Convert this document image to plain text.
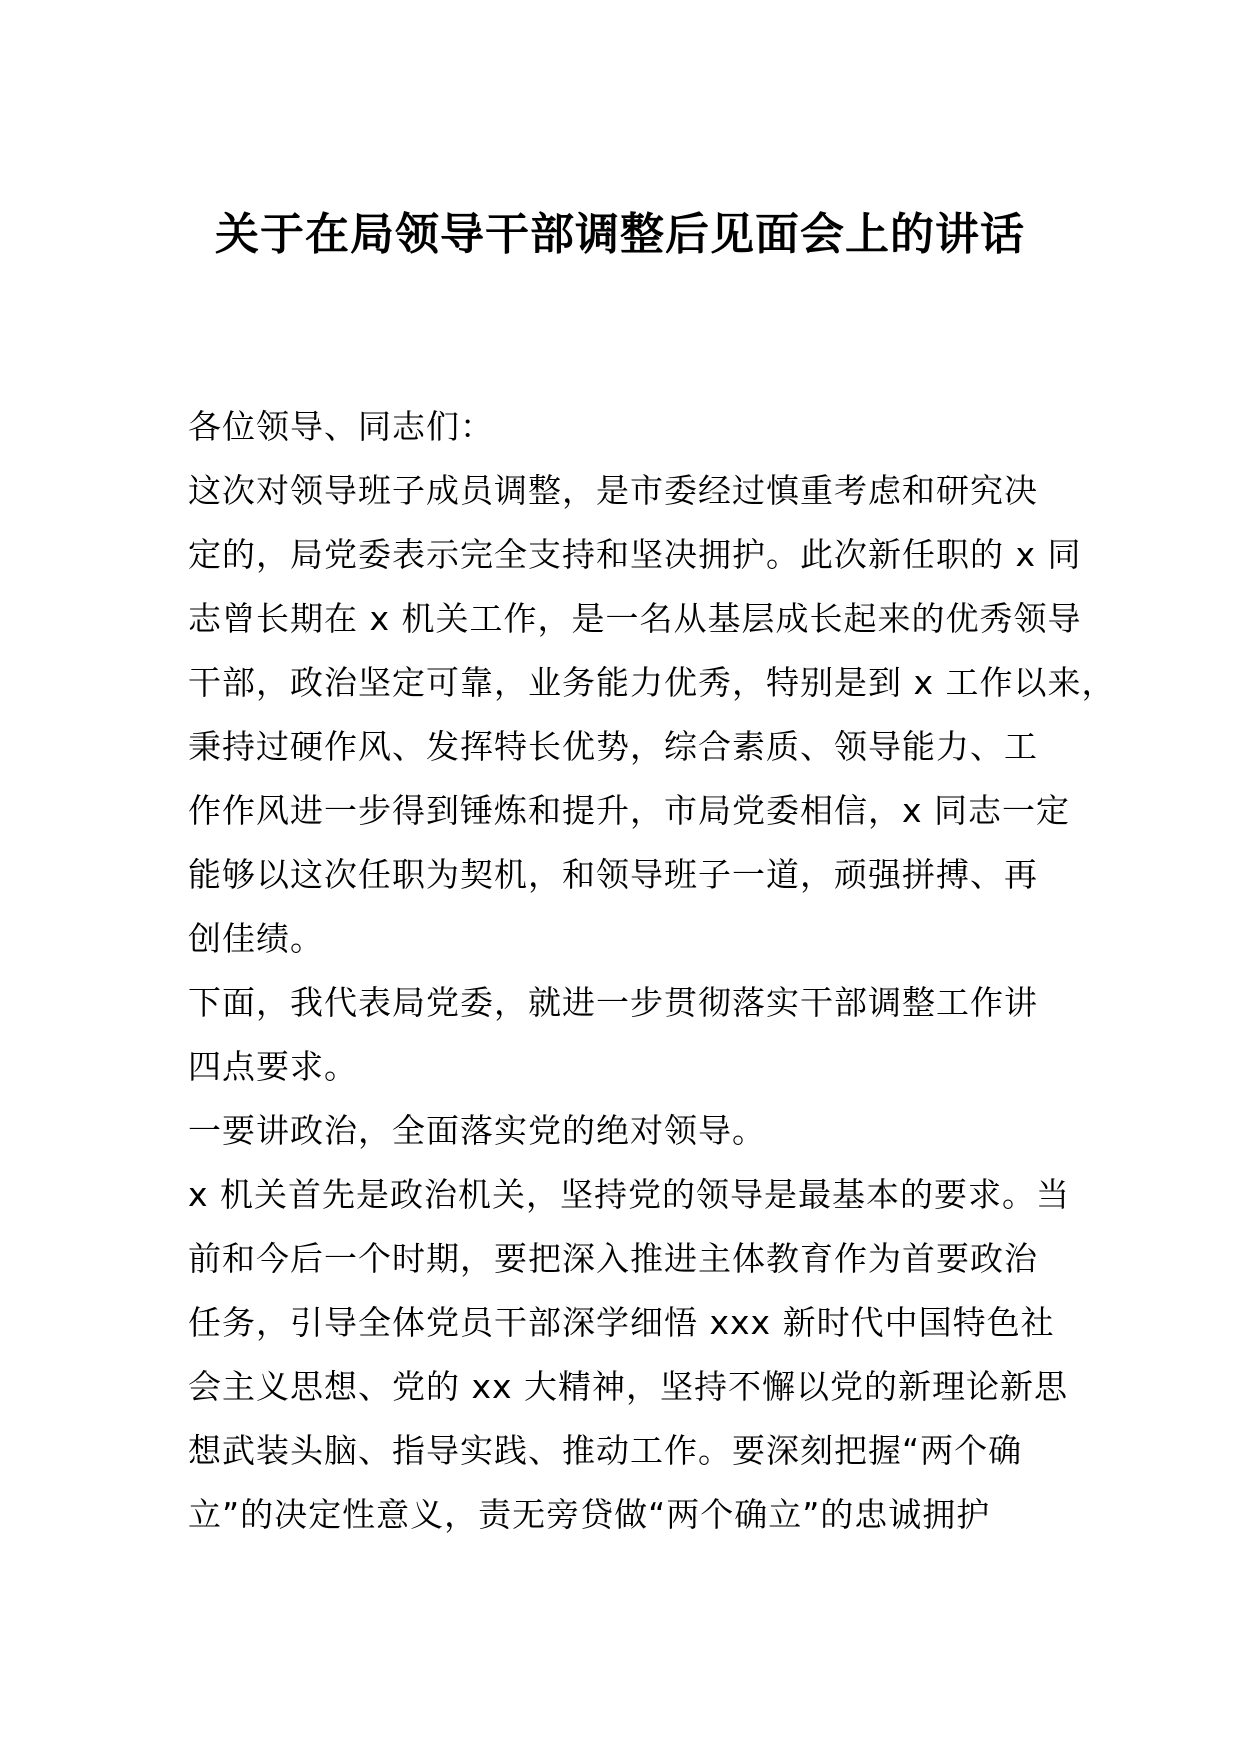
关于在局领导干部调整后见面会上的讲话
各位领导、同志们：
这次对领导班子成员调整，是市委经过慎重考虑和研究决
定的，局党委表示完全支持和坚决拥护。此次新任职的 x 同
志曾长期在 x 机关工作，是一名从基层成长起来的优秀领导
干部，政治坚定可靠，业务能力优秀，特别是到 x 工作以来，
秉持过硬作风、发挥特长优势，综合素质、领导能力、工
作作风进一步得到锤炼和提升，市局党委相信，x 同志一定
能够以这次任职为契机，和领导班子一道，顽强拼搏、再
创佳绩。
下面，我代表局党委，就进一步贯彻落实干部调整工作讲
四点要求。
一要讲政治，全面落实党的绝对领导。
x 机关首先是政治机关，坚持党的领导是最基本的要求。当
前和今后一个时期，要把深入推进主体教育作为首要政治
任务，引导全体党员干部深学细悟 xxx 新时代中国特色社
会主义思想、党的 xx 大精神，坚持不懈以党的新理论新思
想武装头脑、指导实践、推动工作。要深刻把握“两个确
立”的决定性意义，责无旁贷做“两个确立”的忠诚拥护
